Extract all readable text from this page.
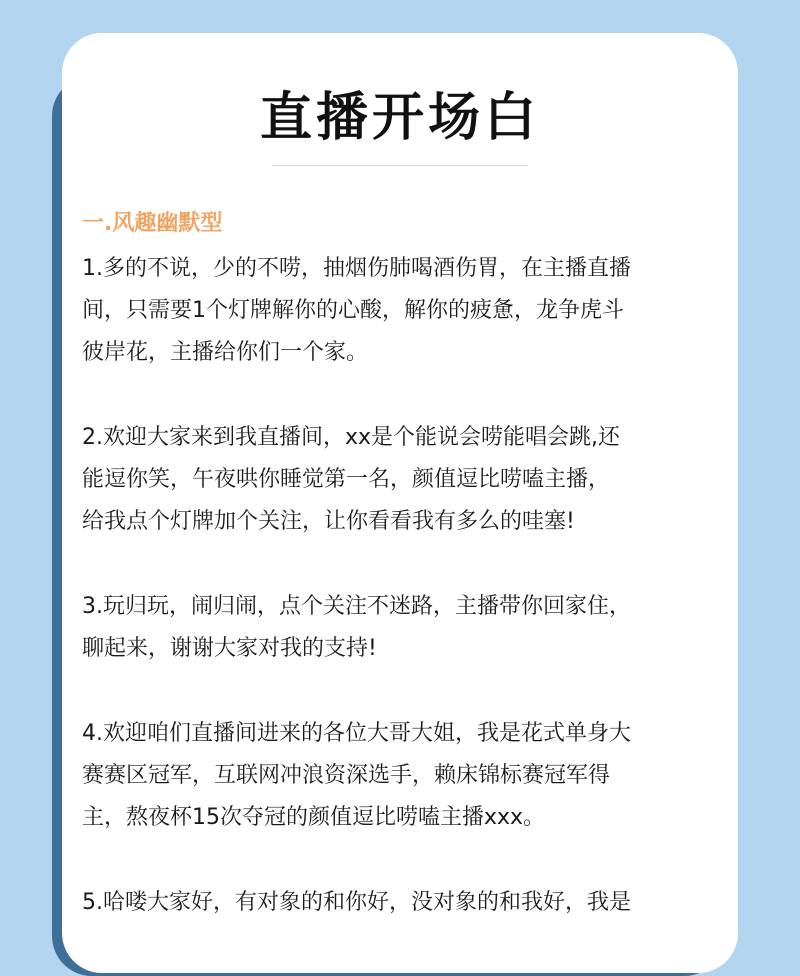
直播开场白
一.风趣幽默型

1.多的不说，少的不唠，抽烟伤肺喝酒伤胃，在主播直播
间，只需要1个灯牌解你的心酸，解你的疲惫，龙争虎斗
彼岸花，主播给你们一个家。

2.欢迎大家来到我直播间，xx是个能说会唠能唱会跳,还
能逗你笑，午夜哄你睡觉第一名，颜值逗比唠嗑主播，
给我点个灯牌加个关注，让你看看我有多么的哇塞!

3.玩归玩，闹归闹，点个关注不迷路，主播带你回家住，
聊起来，谢谢大家对我的支持!

4.欢迎咱们直播间进来的各位大哥大姐，我是花式单身大
赛赛区冠军，互联网冲浪资深选手，赖床锦标赛冠军得
主，熬夜杯15次夺冠的颜值逗比唠嗑主播xxx。

5.哈喽大家好，有对象的和你好，没对象的和我好，我是
